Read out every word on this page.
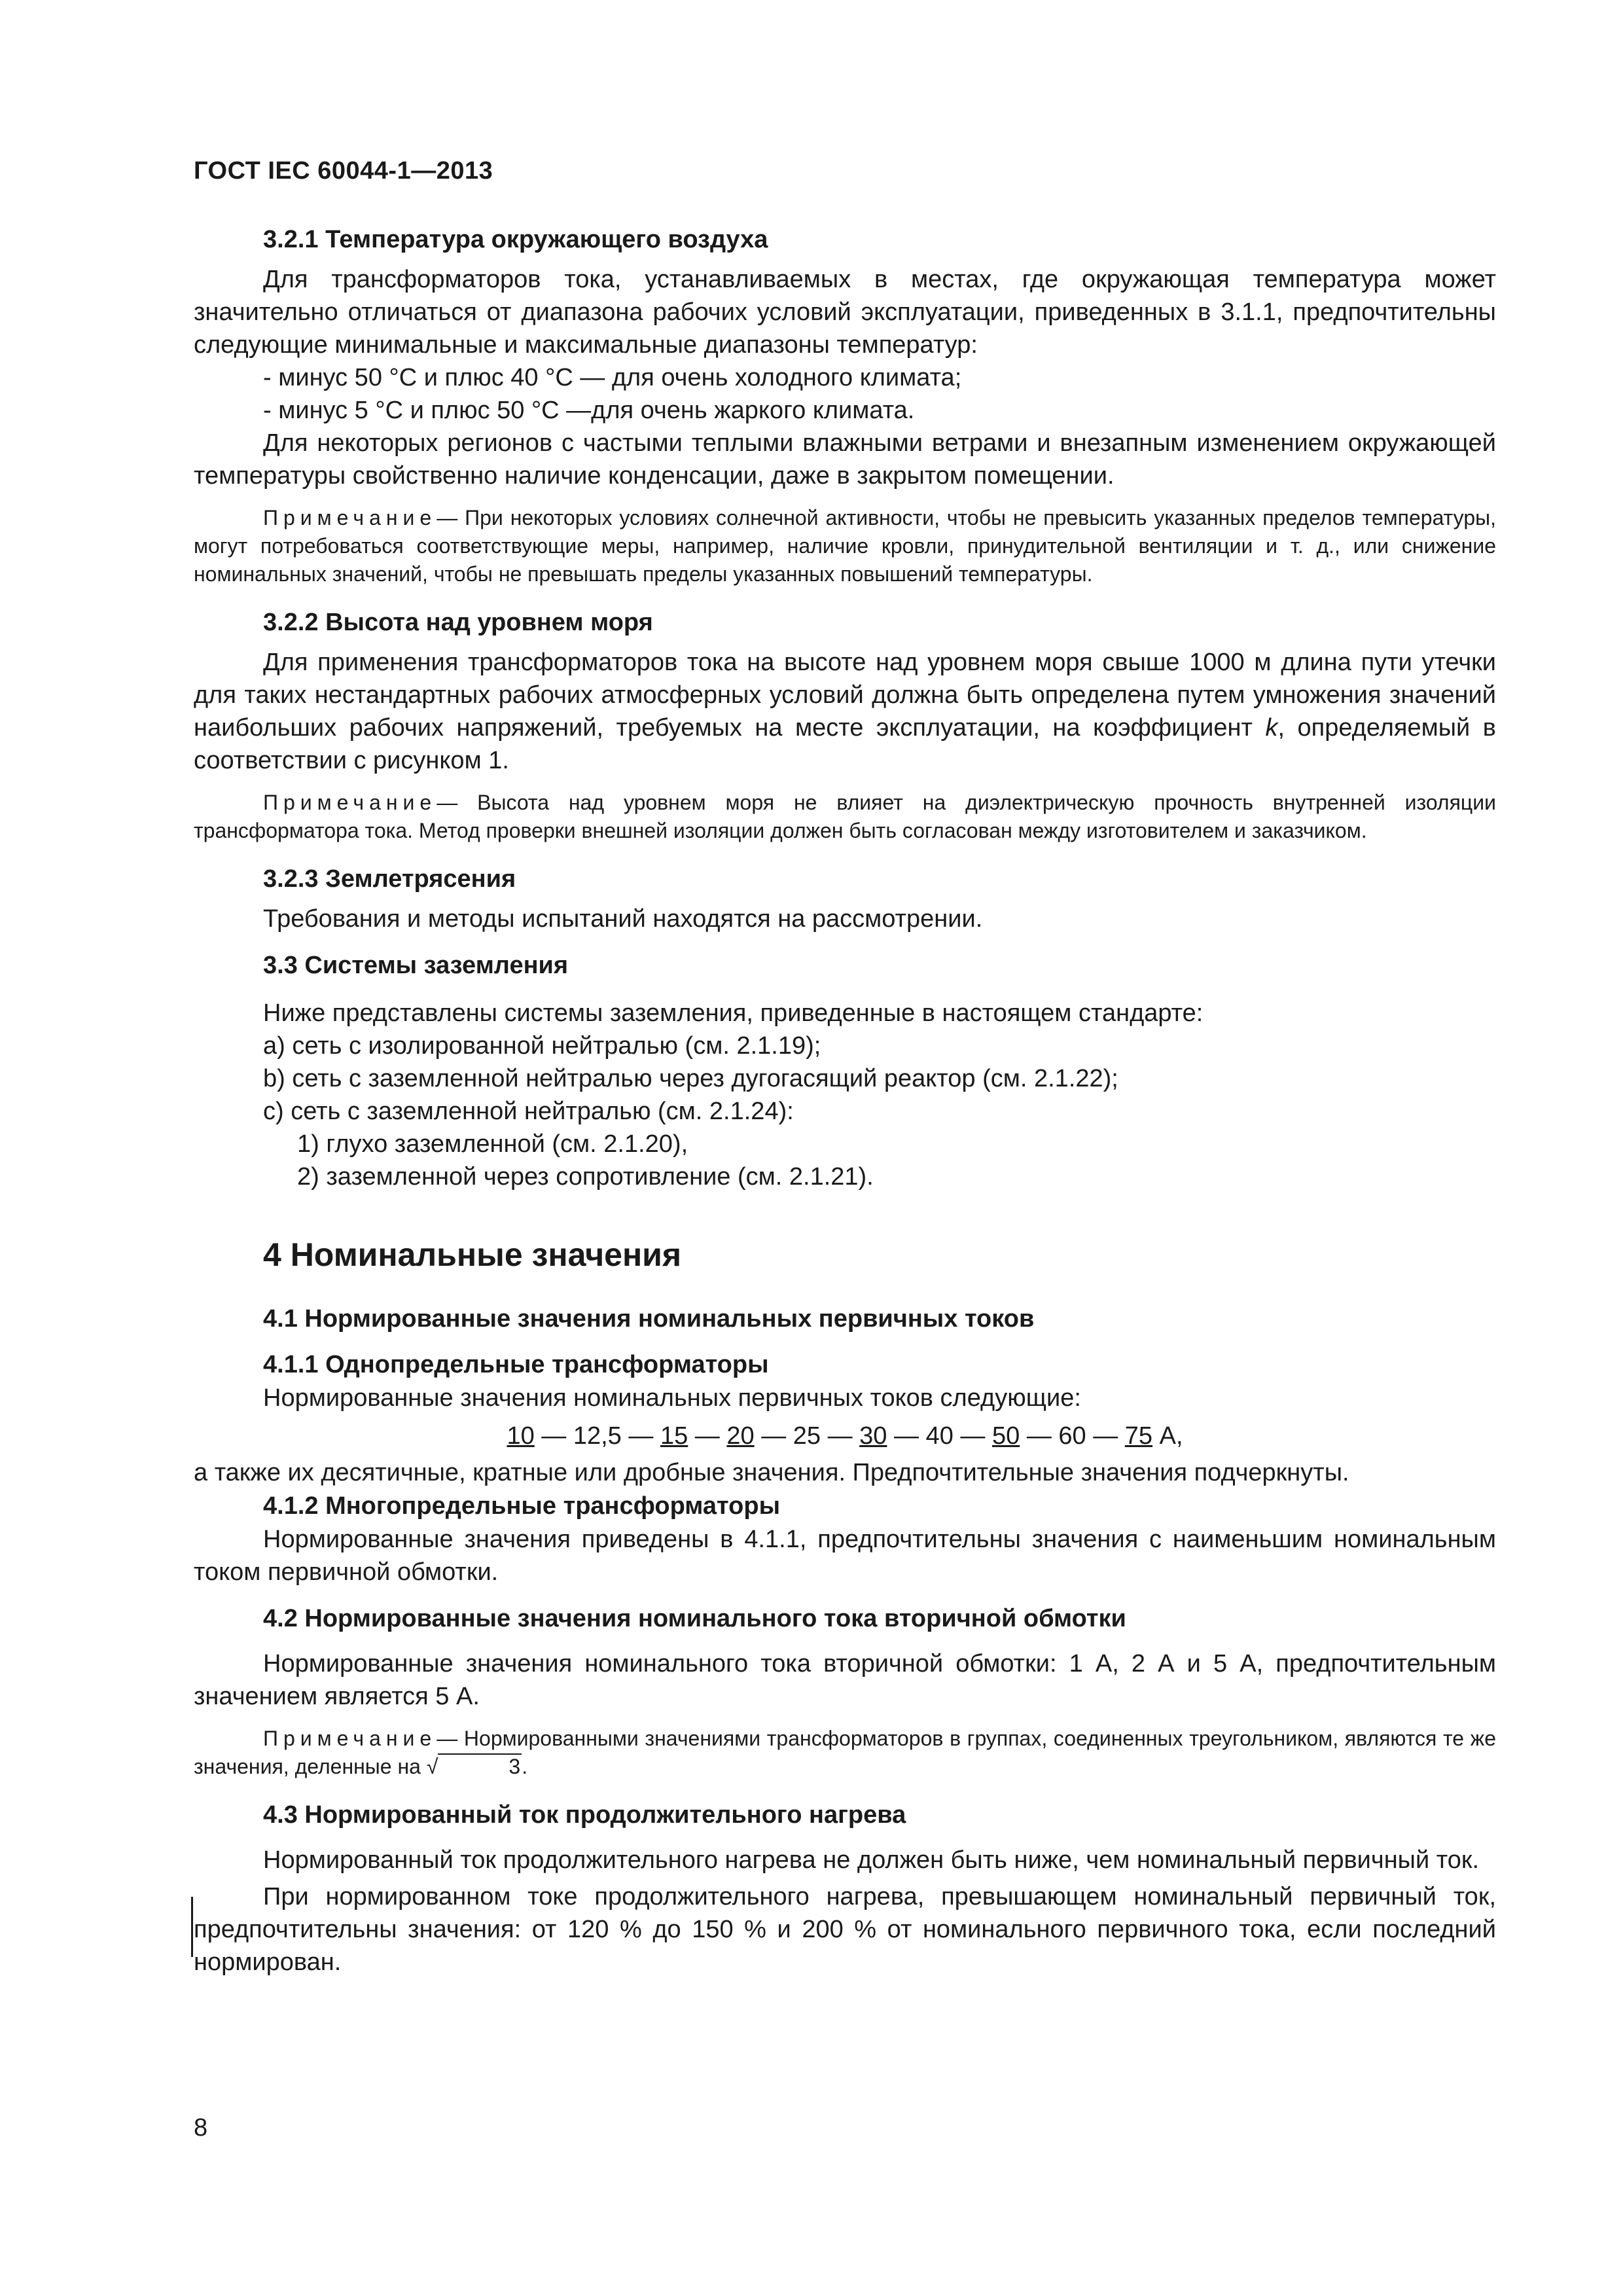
ГОСТ IEC 60044-1—2013
3.2.1 Температура окружающего воздуха

Для трансформаторов тока, устанавливаемых в местах, где окружающая температура может значительно отличаться от диапазона рабочих условий эксплуатации, приведенных в 3.1.1, предпочтительны следующие минимальные и максимальные диапазоны температур:

- минус 50 °C и плюс 40 °C — для очень холодного климата;

- минус 5 °C и плюс 50 °C —для очень жаркого климата.

Для некоторых регионов с частыми теплыми влажными ветрами и внезапным изменением окружающей температуры свойственно наличие конденсации, даже в закрытом помещении.

Примечание— При некоторых условиях солнечной активности, чтобы не превысить указанных пределов температуры, могут потребоваться соответствующие меры, например, наличие кровли, принудительной вентиляции и т. д., или снижение номинальных значений, чтобы не превышать пределы указанных повышений температуры.

3.2.2 Высота над уровнем моря

Для применения трансформаторов тока на высоте над уровнем моря свыше 1000 м длина пути утечки для таких нестандартных рабочих атмосферных условий должна быть определена путем умножения значений наибольших рабочих напряжений, требуемых на месте эксплуатации, на коэффициент k, определяемый в соответствии с рисунком 1.

Примечание— Высота над уровнем моря не влияет на диэлектрическую прочность внутренней изоляции трансформатора тока. Метод проверки внешней изоляции должен быть согласован между изготовителем и заказчиком.

3.2.3 Землетрясения

Требования и методы испытаний находятся на рассмотрении.

3.3 Системы заземления

Ниже представлены системы заземления, приведенные в настоящем стандарте:

a) сеть с изолированной нейтралью (см. 2.1.19);

b) сеть с заземленной нейтралью через дугогасящий реактор (см. 2.1.22);

c) сеть с заземленной нейтралью (см. 2.1.24):

1) глухо заземленной (см. 2.1.20),

2) заземленной через сопротивление (см. 2.1.21).

4 Номинальные значения
4.1 Нормированные значения номинальных первичных токов
4.1.1 Однопредельные трансформаторы

Нормированные значения номинальных первичных токов следующие:

10 — 12,5 — 15 — 20 — 25 — 30 — 40 — 50 — 60 — 75 А,

а также их десятичные, кратные или дробные значения. Предпочтительные значения подчеркнуты.

4.1.2 Многопредельные трансформаторы

Нормированные значения приведены в 4.1.1, предпочтительны значения с наименьшим номинальным током первичной обмотки.

4.2 Нормированные значения номинального тока вторичной обмотки

Нормированные значения номинального тока вторичной обмотки: 1 А, 2 А и 5 А, предпочтительным значением является 5 А.

Примечание— Нормированными значениями трансформаторов в группах, соединенных треугольником, являются те же значения, деленные на √	3.

4.3 Нормированный ток продолжительного нагрева

Нормированный ток продолжительного нагрева не должен быть ниже, чем номинальный первичный ток.

При нормированном токе продолжительного нагрева, превышающем номинальный первичный ток, предпочтительны значения: от 120 % до 150 % и 200 % от номинального первичного тока, если последний нормирован.

8
